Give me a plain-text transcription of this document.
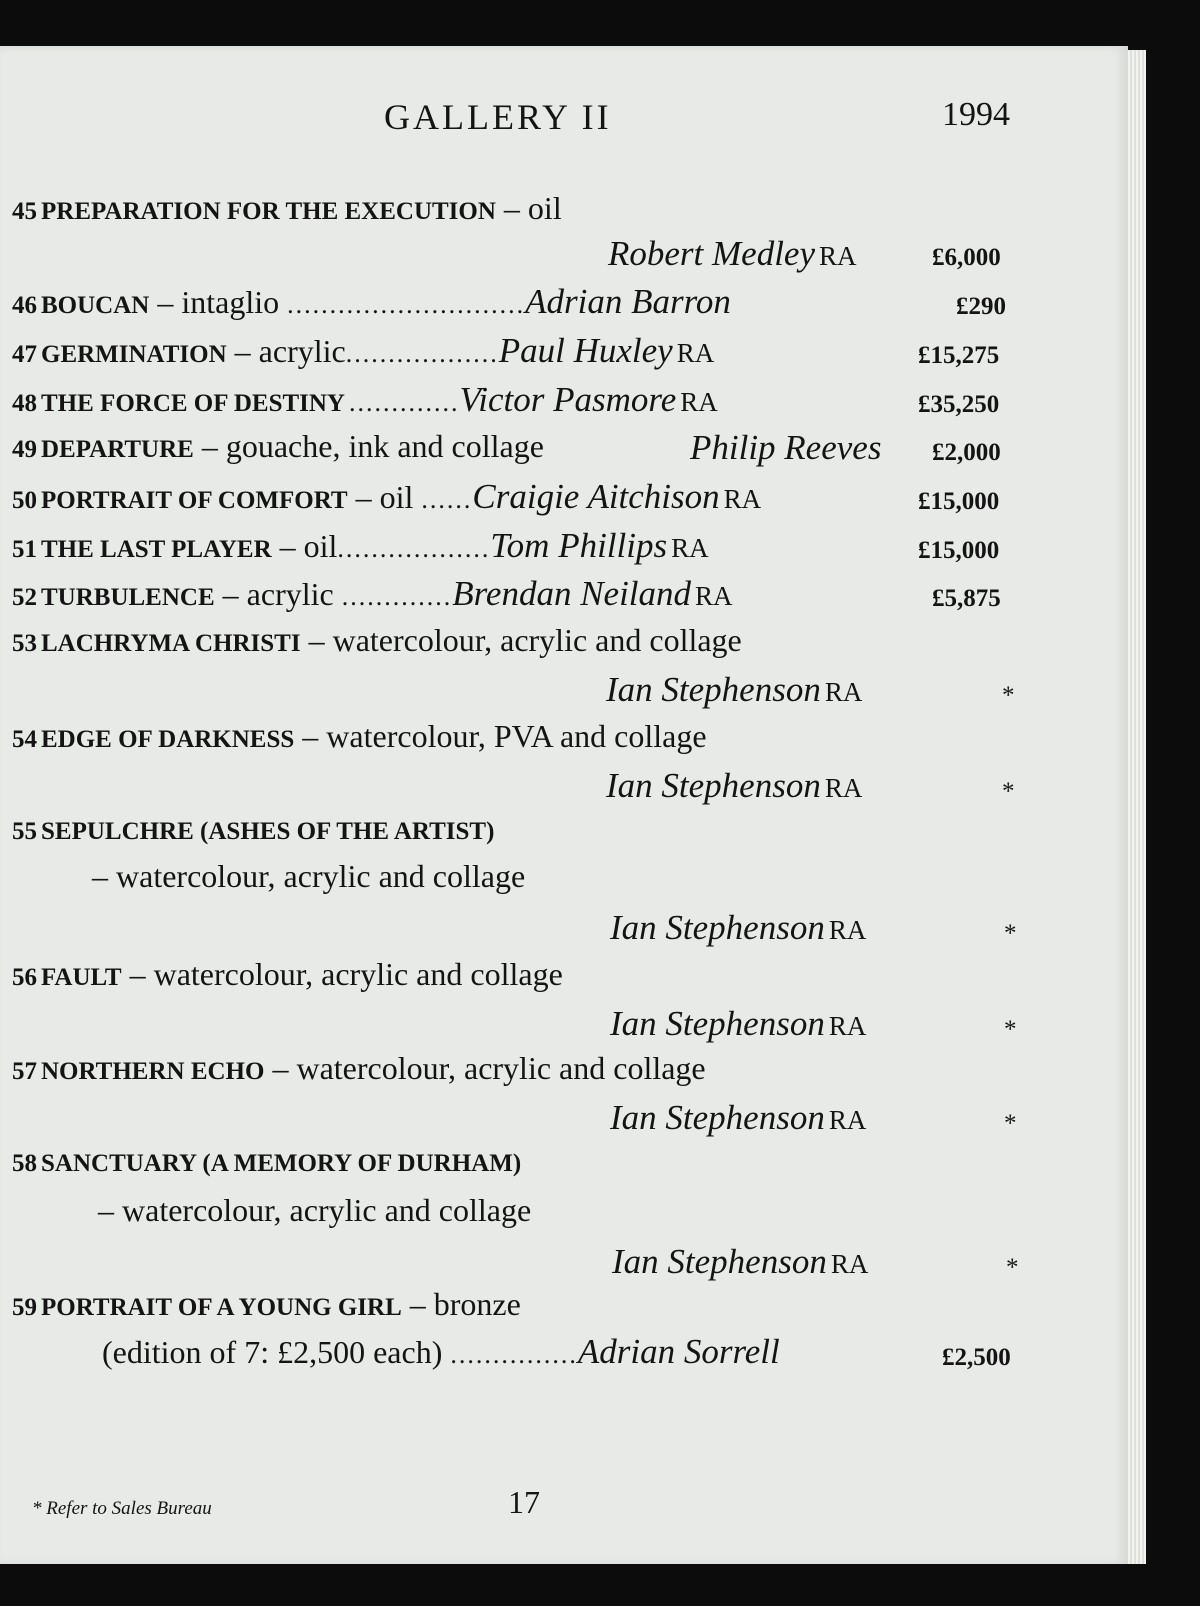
GALLERY II	1994
45 PREPARATION FOR THE EXECUTION – oil
Robert Medley RA	£6,000
46 BOUCAN – intaglio ............................Adrian Barron	£290
47 GERMINATION – acrylic..................Paul Huxley RA	£15,275
48 THE FORCE OF DESTINY .............Victor Pasmore RA	£35,250
49 DEPARTURE – gouache, ink and collage	Philip Reeves £2,000
50 PORTRAIT OF COMFORT – oil ......Craigie Aitchison RA	£15,000
51 THE LAST PLAYER – oil..................Tom Phillips RA	£15,000
52 TURBULENCE – acrylic .............Brendan Neiland RA	£5,875
53 LACHRYMA CHRISTI – watercolour, acrylic and collage
Ian Stephenson RA	*
54 EDGE OF DARKNESS – watercolour, PVA and collage
Ian Stephenson RA	*
55 SEPULCHRE (ASHES OF THE ARTIST)
– watercolour, acrylic and collage
Ian Stephenson RA	*
56 FAULT – watercolour, acrylic and collage
Ian Stephenson RA	*
57 NORTHERN ECHO – watercolour, acrylic and collage
Ian Stephenson RA	*
58 SANCTUARY (A MEMORY OF DURHAM)
– watercolour, acrylic and collage
Ian Stephenson RA	*
59 PORTRAIT OF A YOUNG GIRL – bronze
(edition of 7: £2,500 each) ...............Adrian Sorrell	£2,500
* Refer to Sales Bureau	17
